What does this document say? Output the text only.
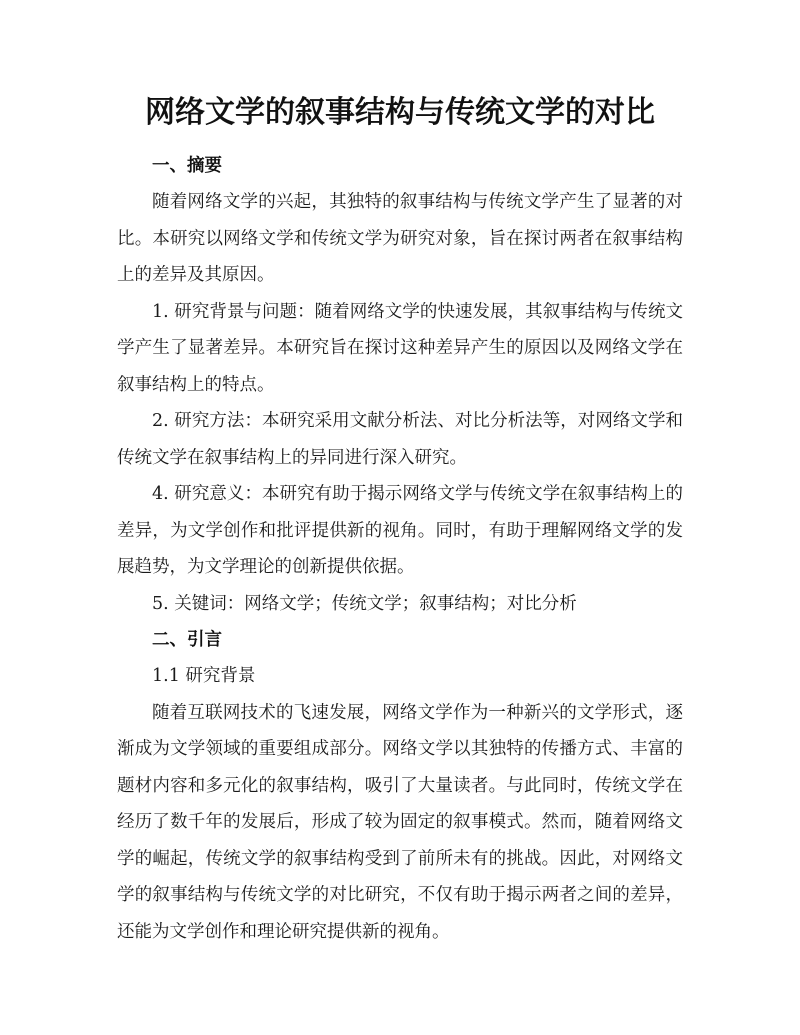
网络文学的叙事结构与传统文学的对比
一、摘要

随着网络文学的兴起，其独特的叙事结构与传统文学产生了显著的对比。本研究以网络文学和传统文学为研究对象，旨在探讨两者在叙事结构上的差异及其原因。

1. 研究背景与问题：随着网络文学的快速发展，其叙事结构与传统文学产生了显著差异。本研究旨在探讨这种差异产生的原因以及网络文学在叙事结构上的特点。

2. 研究方法：本研究采用文献分析法、对比分析法等，对网络文学和传统文学在叙事结构上的异同进行深入研究。

4. 研究意义：本研究有助于揭示网络文学与传统文学在叙事结构上的差异，为文学创作和批评提供新的视角。同时，有助于理解网络文学的发展趋势，为文学理论的创新提供依据。

5. 关键词：网络文学；传统文学；叙事结构；对比分析

二、引言

1.1 研究背景

随着互联网技术的飞速发展，网络文学作为一种新兴的文学形式，逐渐成为文学领域的重要组成部分。网络文学以其独特的传播方式、丰富的题材内容和多元化的叙事结构，吸引了大量读者。与此同时，传统文学在经历了数千年的发展后，形成了较为固定的叙事模式。然而，随着网络文学的崛起，传统文学的叙事结构受到了前所未有的挑战。因此，对网络文学的叙事结构与传统文学的对比研究，不仅有助于揭示两者之间的差异，还能为文学创作和理论研究提供新的视角。
